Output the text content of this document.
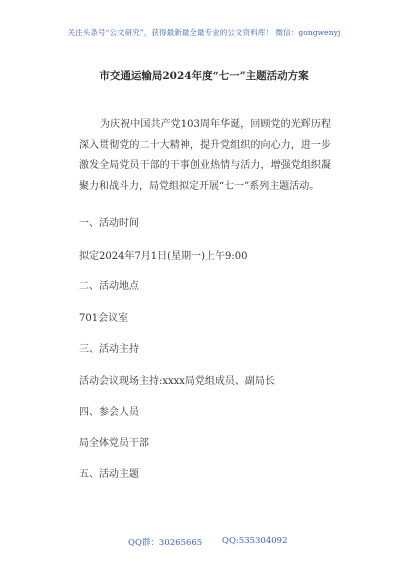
关注头条号“公文研究”，获得最新最全最专业的公文资料库！ 微信：gongwenyj
市交通运输局2024年度“七一”主题活动方案

为庆祝中国共产党103周年华诞，回顾党的光辉历程深入贯彻党的二十大精神，提升党组织的向心力，进一步激发全局党员干部的干事创业热情与活力，增强党组织凝聚力和战斗力，局党组拟定开展“七一”系列主题活动。

一、活动时间

拟定2024年7月1日(星期一)上午9:00

二、活动地点

701会议室

三、活动主持

活动会议现场主持:xxxx局党组成员、副局长

四、参会人员

局全体党员干部

五、活动主题

QQ群：30265665 QQ:535304092
